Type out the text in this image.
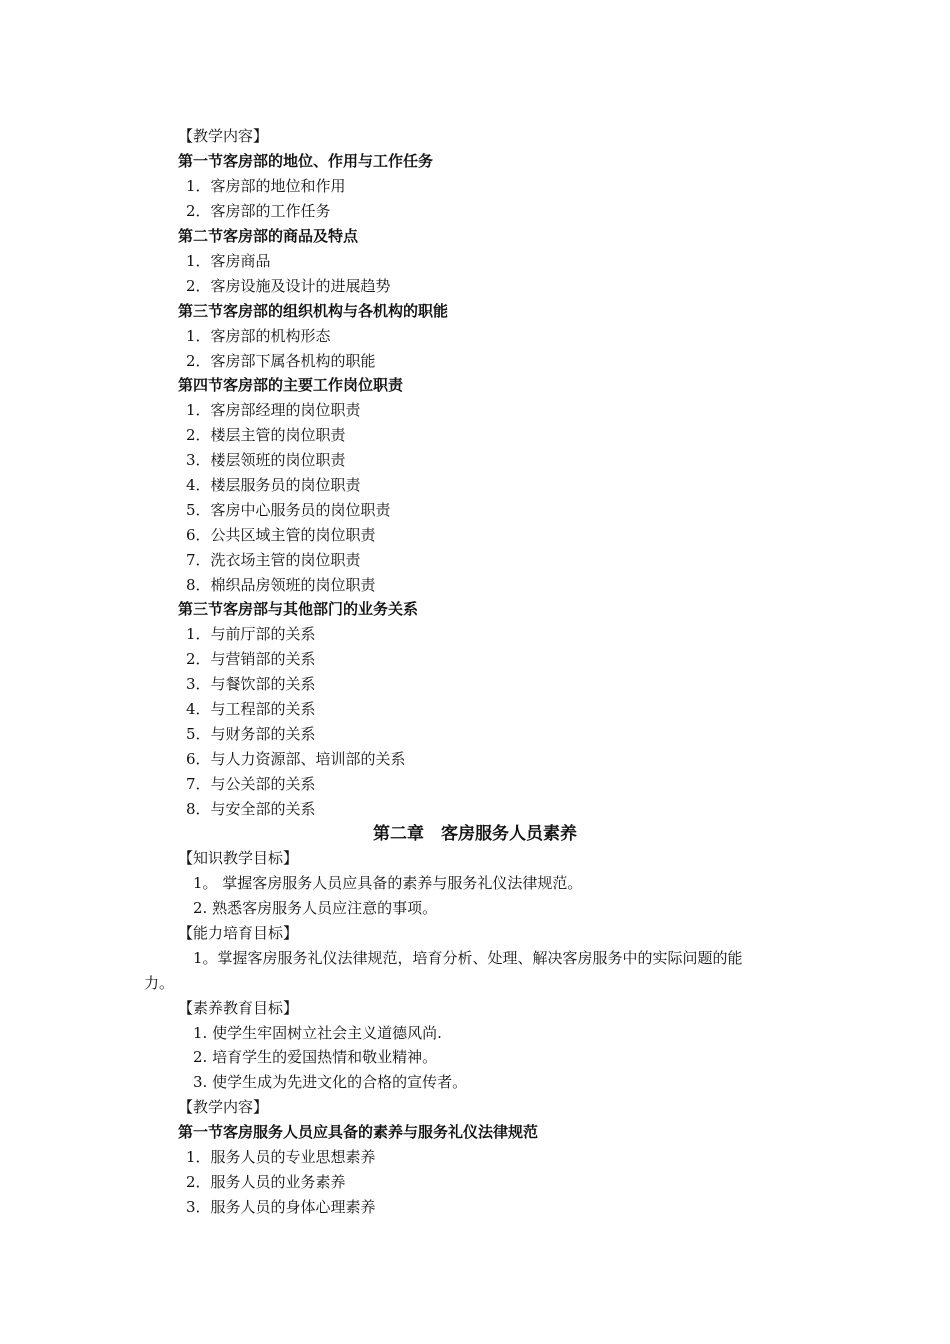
【教学内容】
第一节客房部的地位、作用与工作任务
1．客房部的地位和作用
2．客房部的工作任务
第二节客房部的商品及特点
1．客房商品
2．客房设施及设计的进展趋势
第三节客房部的组织机构与各机构的职能
1．客房部的机构形态
2．客房部下属各机构的职能
第四节客房部的主要工作岗位职责
1．客房部经理的岗位职责
2．楼层主管的岗位职责
3．楼层领班的岗位职责
4．楼层服务员的岗位职责
5．客房中心服务员的岗位职责
6．公共区域主管的岗位职责
7．洗衣场主管的岗位职责
8．棉织品房领班的岗位职责
第三节客房部与其他部门的业务关系
1．与前厅部的关系
2．与营销部的关系
3．与餐饮部的关系
4．与工程部的关系
5．与财务部的关系
6．与人力资源部、培训部的关系
7．与公关部的关系
8．与安全部的关系
第二章　客房服务人员素养
【知识教学目标】
1。 掌握客房服务人员应具备的素养与服务礼仪法律规范。
2. 熟悉客房服务人员应注意的事项。
【能力培育目标】
1。掌握客房服务礼仪法律规范，培育分析、处理、解决客房服务中的实际问题的能
力。
【素养教育目标】
1. 使学生牢固树立社会主义道德风尚.
2. 培育学生的爱国热情和敬业精神。
3. 使学生成为先进文化的合格的宣传者。
【教学内容】
第一节客房服务人员应具备的素养与服务礼仪法律规范
1．服务人员的专业思想素养
2．服务人员的业务素养
3．服务人员的身体心理素养
